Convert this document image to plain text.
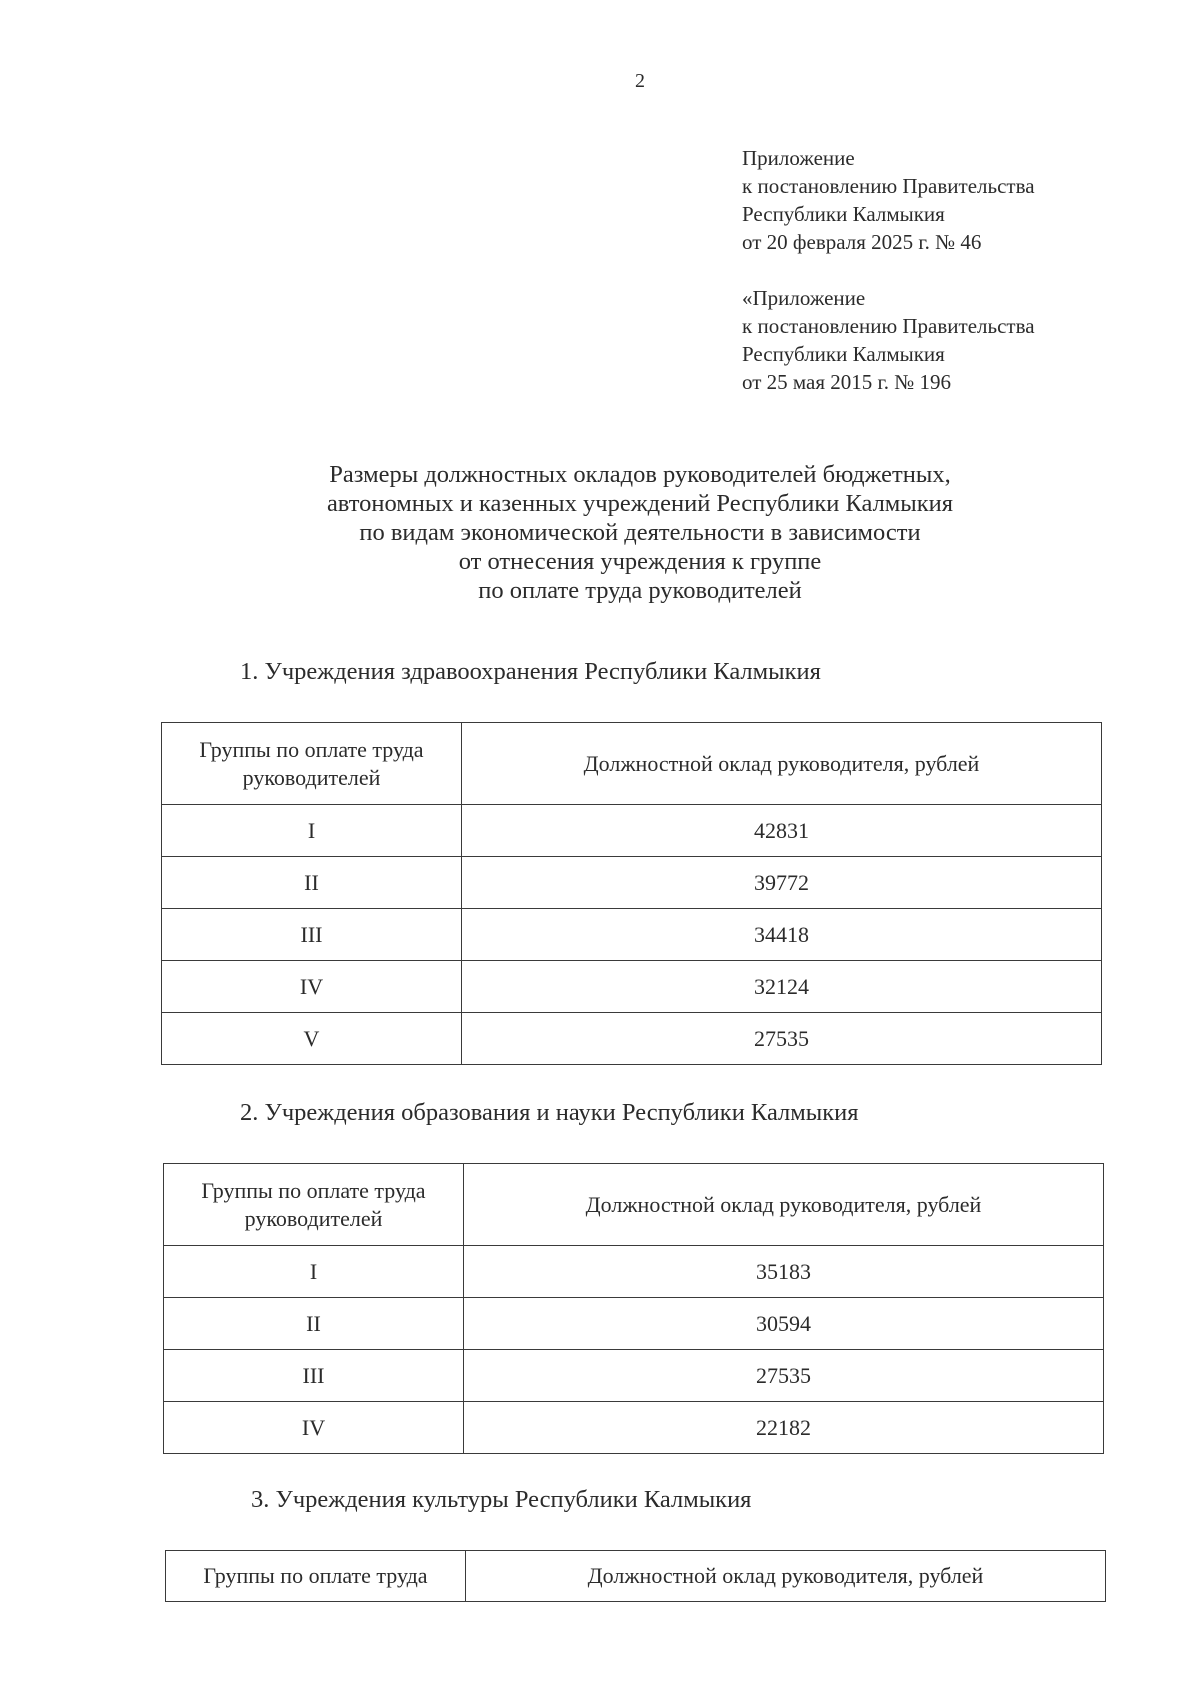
2
Приложение
к постановлению Правительства
Республики Калмыкия
от 20 февраля 2025 г. № 46
«Приложение
к постановлению Правительства
Республики Калмыкия
от 25 мая 2015 г. № 196
Размеры должностных окладов руководителей бюджетных,
автономных и казенных учреждений Республики Калмыкия
по видам экономической деятельности в зависимости
от отнесения учреждения к группе
по оплате труда руководителей
1. Учреждения здравоохранения Республики Калмыкия
Группы по оплате труда руководителей	Должностной оклад руководителя, рублей
I	42831
II	39772
III	34418
IV	32124
V	27535
2. Учреждения образования и науки Республики Калмыкия
Группы по оплате труда руководителей	Должностной оклад руководителя, рублей
I	35183
II	30594
III	27535
IV	22182
3. Учреждения культуры Республики Калмыкия
Группы по оплате труда	Должностной оклад руководителя, рублей
